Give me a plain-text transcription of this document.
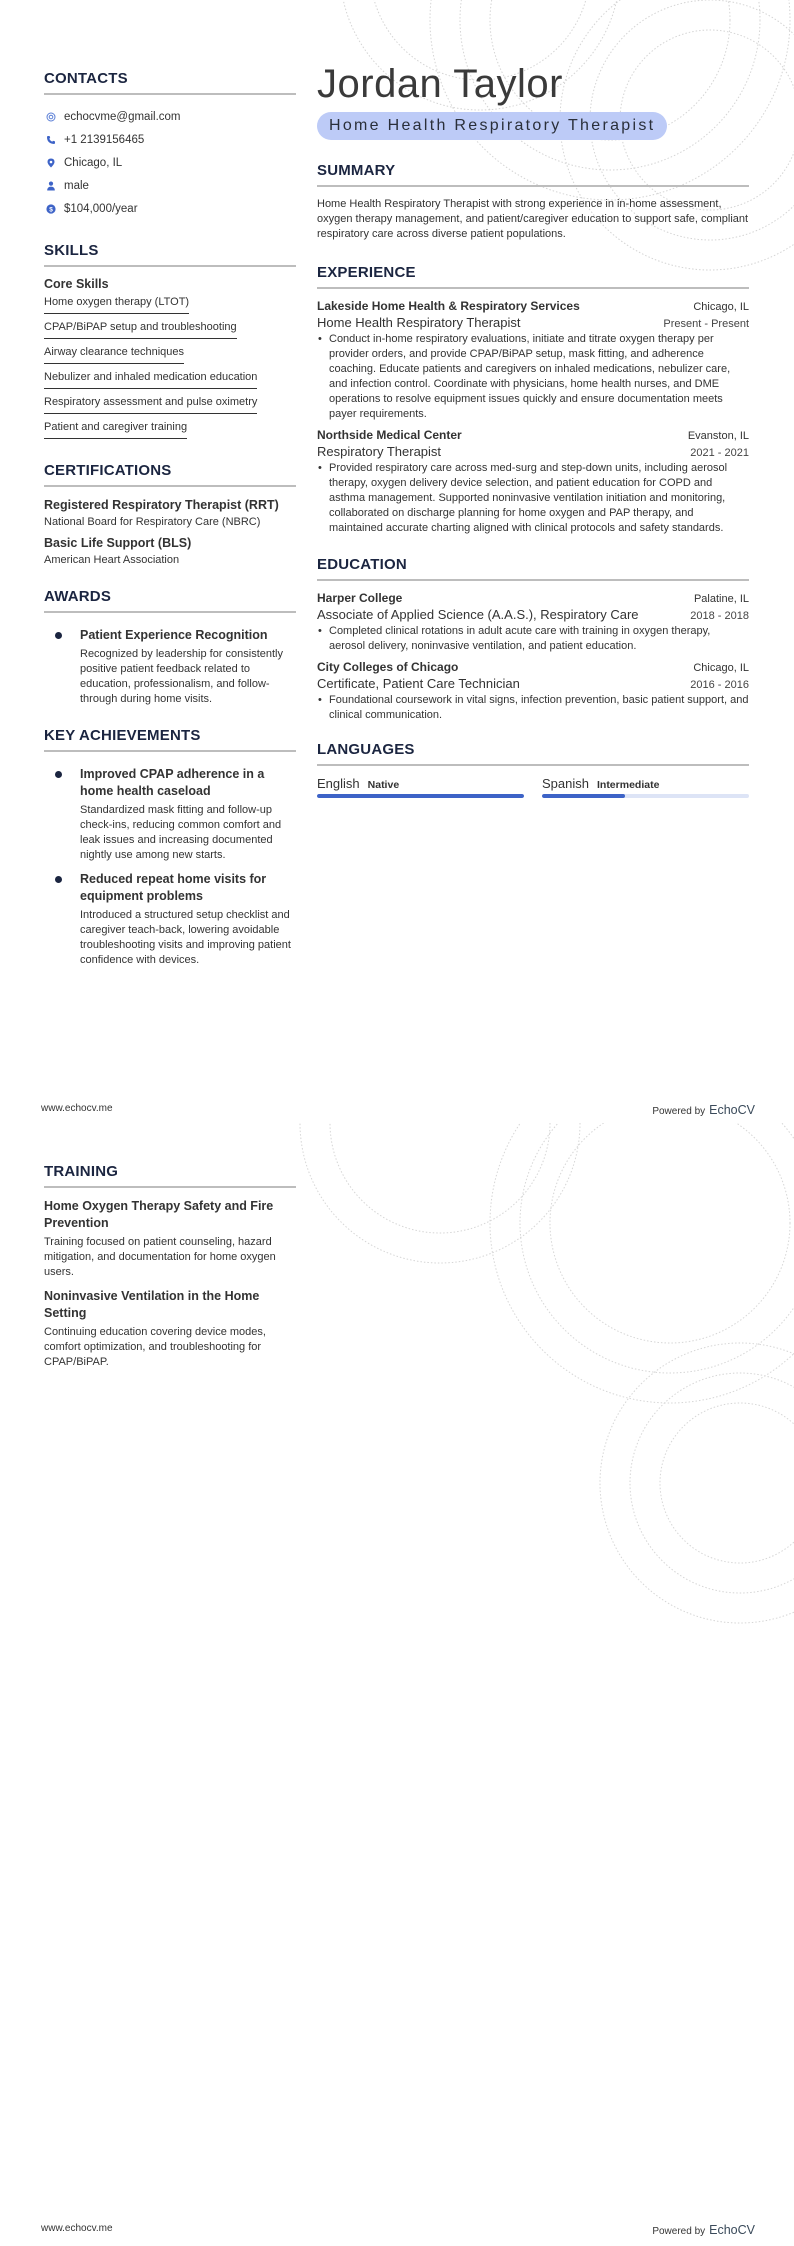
CONTACTS
echocvme@gmail.com
+1 2139156465
Chicago, IL
male
$ $104,000/year
SKILLS
Core Skills
Home oxygen therapy (LTOT)
CPAP/BiPAP setup and troubleshooting
Airway clearance techniques
Nebulizer and inhaled medication education
Respiratory assessment and pulse oximetry
Patient and caregiver training
CERTIFICATIONS
Registered Respiratory Therapist (RRT)
National Board for Respiratory Care (NBRC)
Basic Life Support (BLS)
American Heart Association
AWARDS
Patient Experience Recognition
Recognized by leadership for consistently positive patient feedback related to education, professionalism, and follow-through during home visits.
KEY ACHIEVEMENTS
Improved CPAP adherence in a home health caseload
Standardized mask fitting and follow-up check-ins, reducing common comfort and leak issues and increasing documented nightly use among new starts.
Reduced repeat home visits for equipment problems
Introduced a structured setup checklist and caregiver teach-back, lowering avoidable troubleshooting visits and improving patient confidence with devices.
Jordan Taylor
Home Health Respiratory Therapist
SUMMARY
Home Health Respiratory Therapist with strong experience in in-home assessment, oxygen therapy management, and patient/caregiver education to support safe, compliant respiratory care across diverse patient populations.
EXPERIENCE
Lakeside Home Health & Respiratory Services	Chicago, IL
Home Health Respiratory Therapist	Present - Present
• Conduct in-home respiratory evaluations, initiate and titrate oxygen therapy per provider orders, and provide CPAP/BiPAP setup, mask fitting, and adherence coaching. Educate patients and caregivers on inhaled medications, nebulizer care, and infection control. Coordinate with physicians, home health nurses, and DME operations to resolve equipment issues quickly and ensure documentation meets payer requirements.
Northside Medical Center	Evanston, IL
Respiratory Therapist	2021 - 2021
• Provided respiratory care across med-surg and step-down units, including aerosol therapy, oxygen delivery device selection, and patient education for COPD and asthma management. Supported noninvasive ventilation initiation and monitoring, collaborated on discharge planning for home oxygen and PAP therapy, and maintained accurate charting aligned with clinical protocols and safety standards.
EDUCATION
Harper College	Palatine, IL
Associate of Applied Science (A.A.S.), Respiratory Care	2018 - 2018
• Completed clinical rotations in adult acute care with training in oxygen therapy, aerosol delivery, noninvasive ventilation, and patient education.
City Colleges of Chicago	Chicago, IL
Certificate, Patient Care Technician	2016 - 2016
• Foundational coursework in vital signs, infection prevention, basic patient support, and clinical communication.
LANGUAGES
English Native	Spanish Intermediate
www.echocv.me	Powered by EchoCV
TRAINING
Home Oxygen Therapy Safety and Fire Prevention
Training focused on patient counseling, hazard mitigation, and documentation for home oxygen users.
Noninvasive Ventilation in the Home Setting
Continuing education covering device modes, comfort optimization, and troubleshooting for CPAP/BiPAP.
www.echocv.me	Powered by EchoCV
